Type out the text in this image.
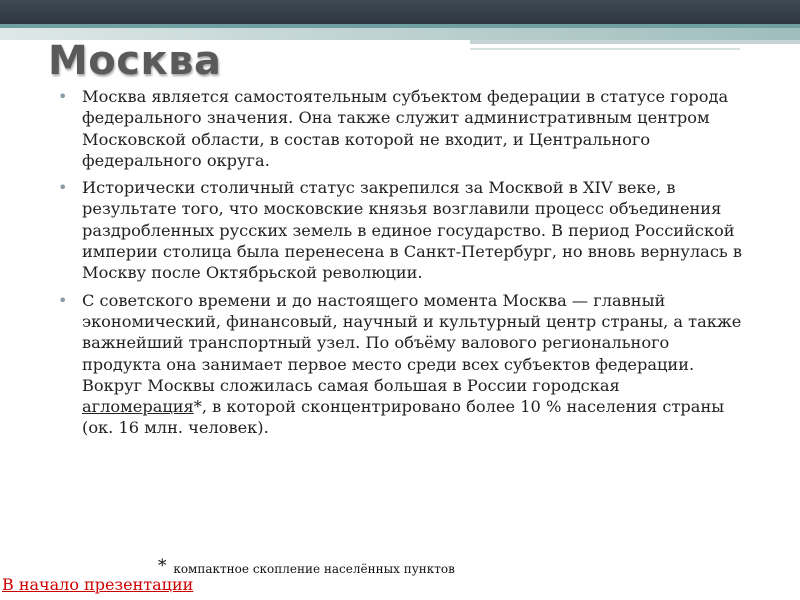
Москва
• Москва является самостоятельным субъектом федерации в статусе города федерального значения. Она также служит административным центром Московской области, в состав которой не входит, и Центрального федерального округа.
• Исторически столичный статус закрепился за Москвой в XIV веке, в результате того, что московские князья возглавили процесс объединения раздробленных русских земель в единое государство. В период Российской империи столица была перенесена в Санкт-Петербург, но вновь вернулась в Москву после Октябрьской революции.
• С советского времени и до настоящего момента Москва — главный экономический, финансовый, научный и культурный центр страны, а также важнейший транспортный узел. По объёму валового регионального продукта она занимает первое место среди всех субъектов федерации. Вокруг Москвы сложилась самая большая в России городская агломерация*, в которой сконцентрировано более 10 % населения страны (ок. 16 млн. человек).
* компактное скопление населённых пунктов
В начало презентации
